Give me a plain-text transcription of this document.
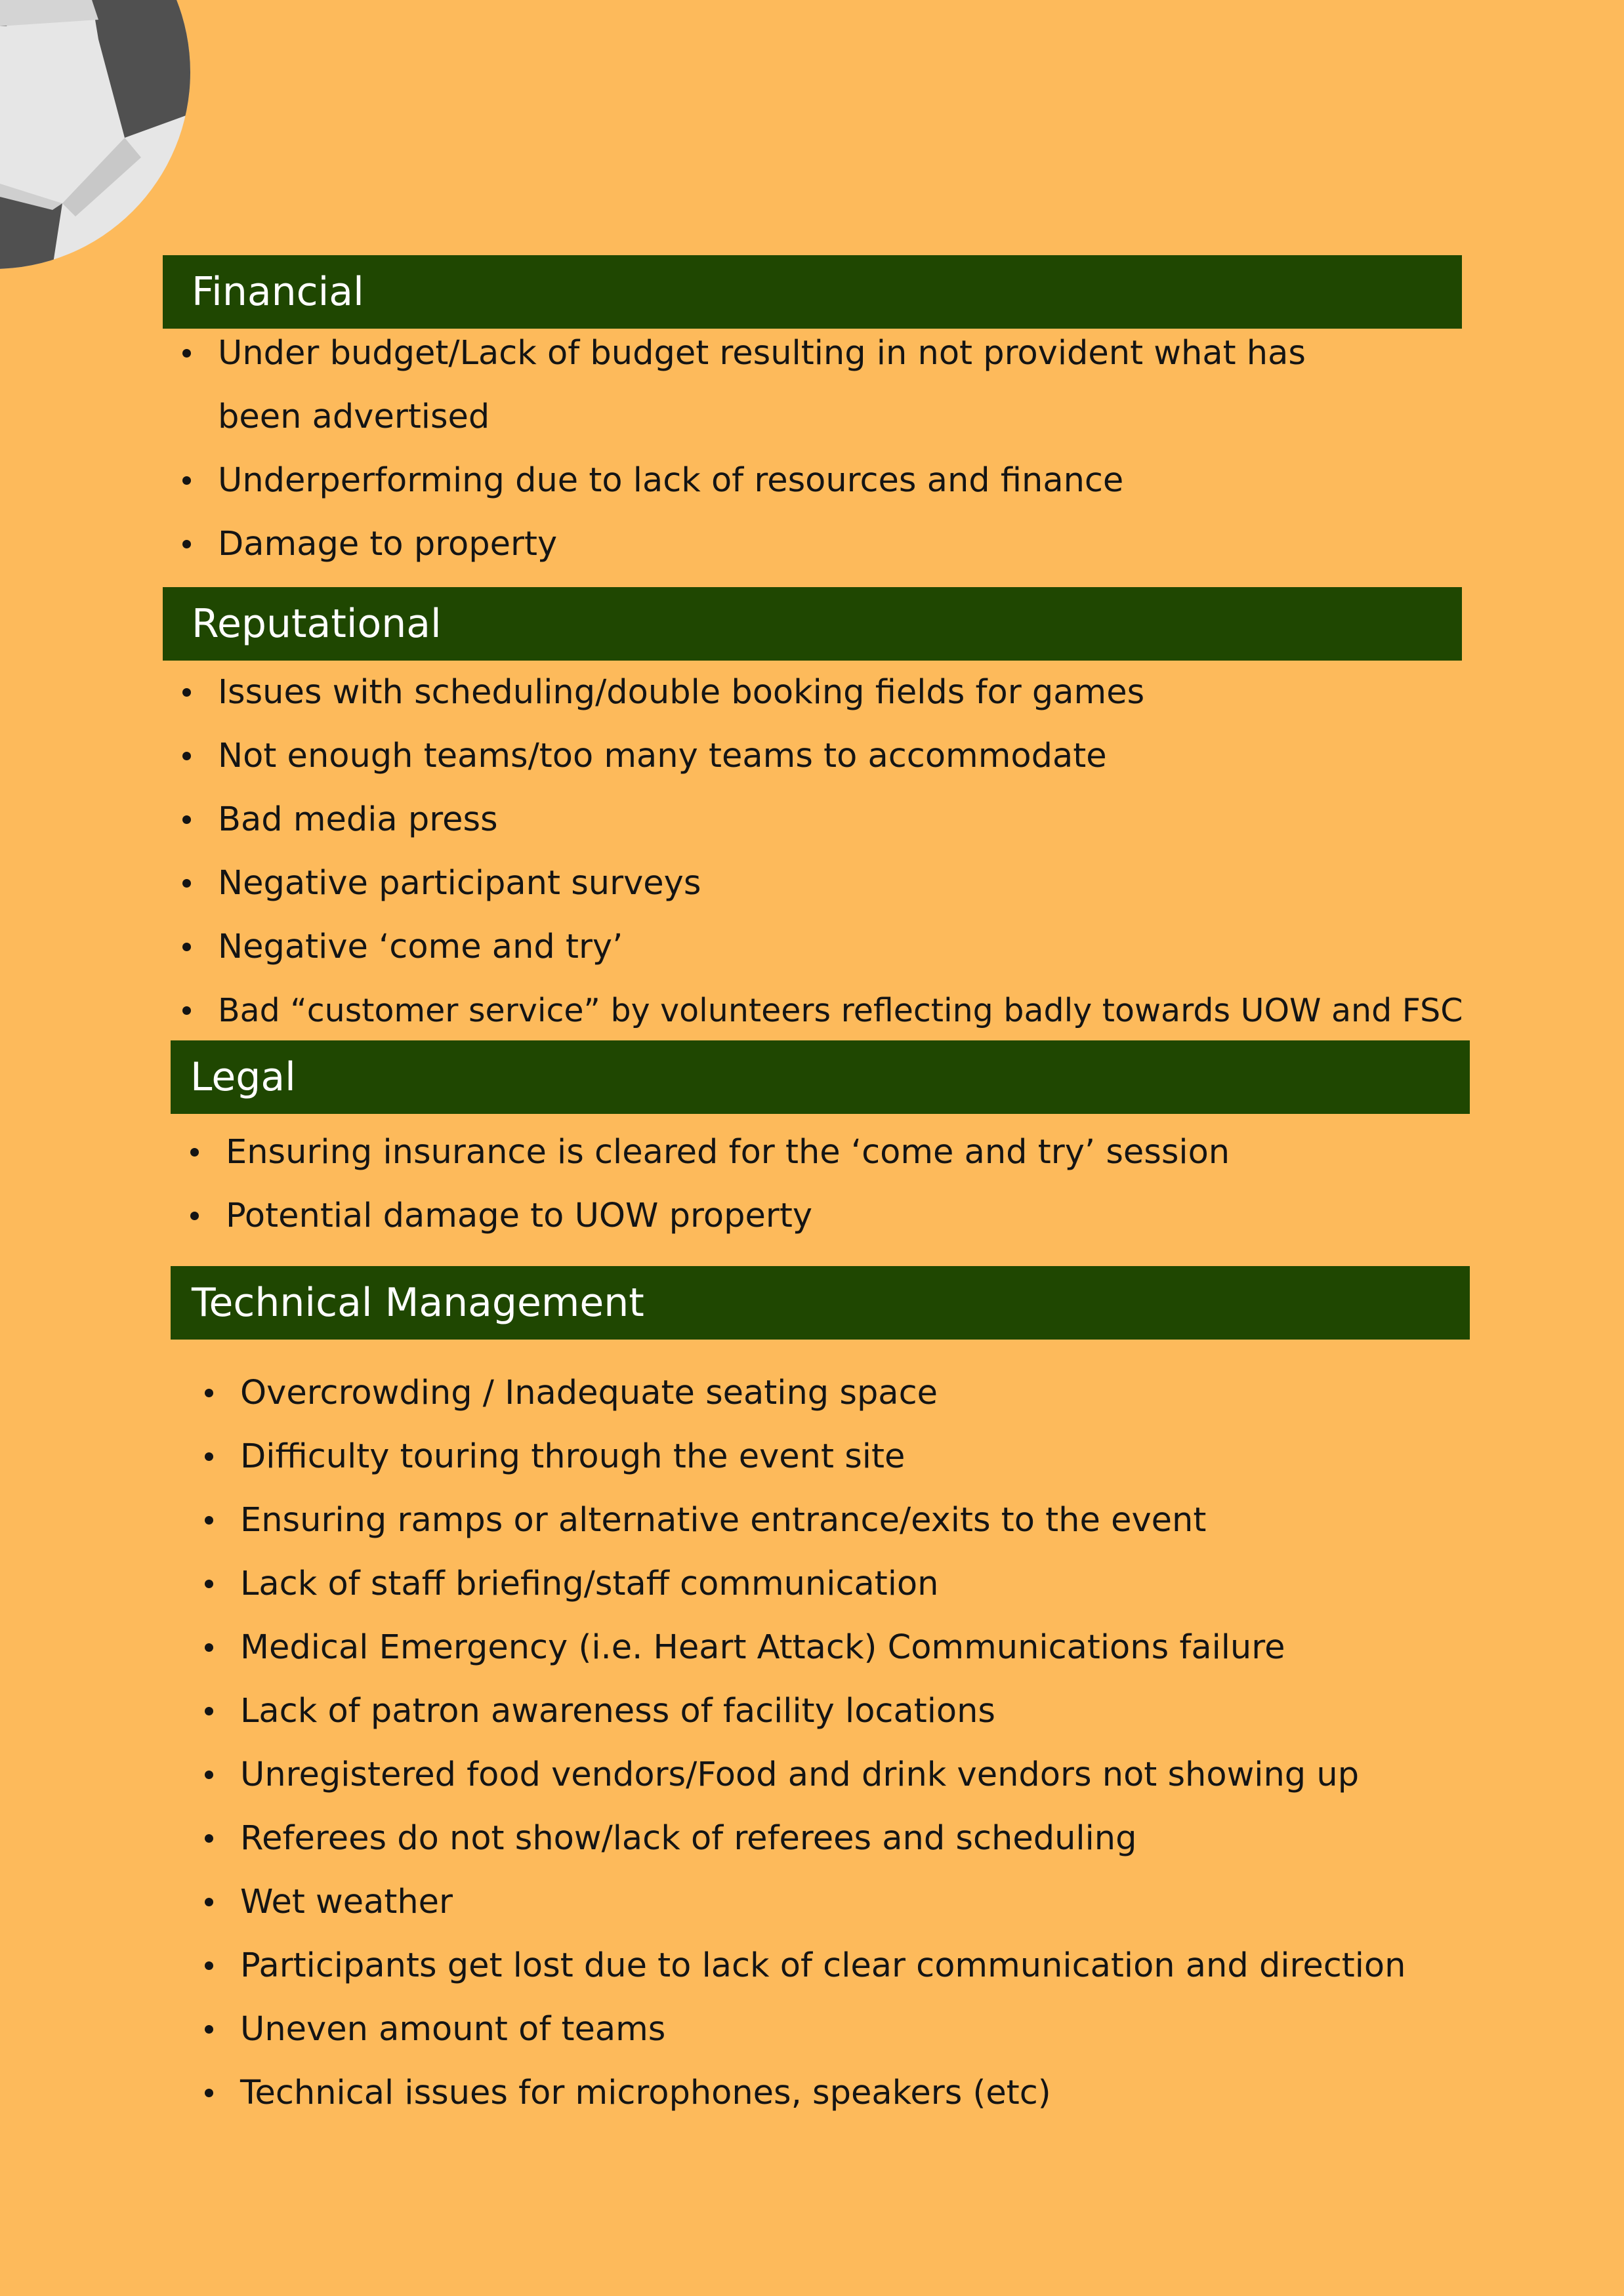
Financial
Under budget/Lack of budget resulting in not provident what has been advertised
Underperforming due to lack of resources and finance
Damage to property
Reputational
Issues with scheduling/double booking fields for games
Not enough teams/too many teams to accommodate
Bad media press
Negative participant surveys
Negative ‘come and try’
Bad “customer service” by volunteers reflecting badly towards UOW and FSC
Legal
Ensuring insurance is cleared for the ‘come and try’ session
Potential damage to UOW property
Technical Management
Overcrowding / Inadequate seating space
Difficulty touring through the event site
Ensuring ramps or alternative entrance/exits to the event
Lack of staff briefing/staff communication
Medical Emergency (i.e. Heart Attack) Communications failure
Lack of patron awareness of facility locations
Unregistered food vendors/Food and drink vendors not showing up
Referees do not show/lack of referees and scheduling
Wet weather
Participants get lost due to lack of clear communication and direction
Uneven amount of teams
Technical issues for microphones, speakers (etc)
